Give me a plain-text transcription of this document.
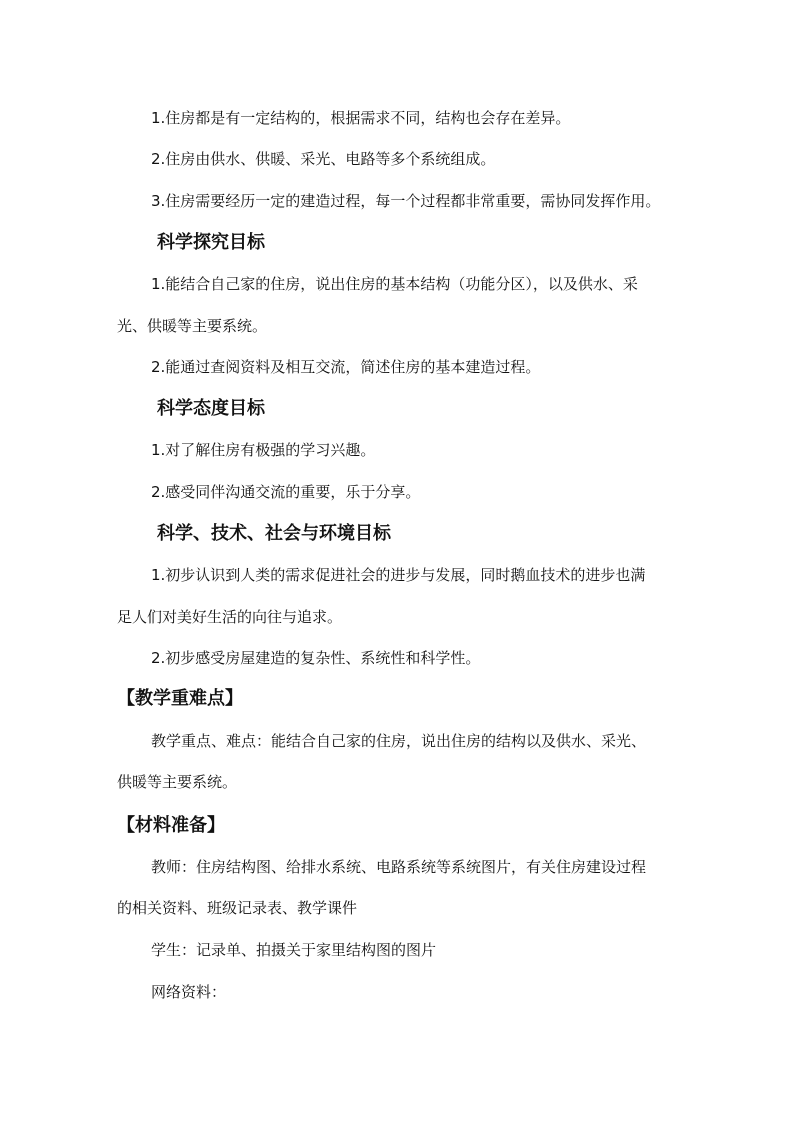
1.住房都是有一定结构的，根据需求不同，结构也会存在差异。
2.住房由供水、供暖、采光、电路等多个系统组成。
3.住房需要经历一定的建造过程，每一个过程都非常重要，需协同发挥作用。
科学探究目标
1.能结合自己家的住房，说出住房的基本结构（功能分区），以及供水、采
光、供暖等主要系统。
2.能通过查阅资料及相互交流，简述住房的基本建造过程。
科学态度目标
1.对了解住房有极强的学习兴趣。
2.感受同伴沟通交流的重要，乐于分享。
科学、技术、社会与环境目标
1.初步认识到人类的需求促进社会的进步与发展，同时鹅血技术的进步也满
足人们对美好生活的向往与追求。
2.初步感受房屋建造的复杂性、系统性和科学性。
【教学重难点】
教学重点、难点：能结合自己家的住房，说出住房的结构以及供水、采光、
供暖等主要系统。
【材料准备】
教师：住房结构图、给排水系统、电路系统等系统图片，有关住房建设过程
的相关资料、班级记录表、教学课件
学生：记录单、拍摄关于家里结构图的图片
网络资料：
